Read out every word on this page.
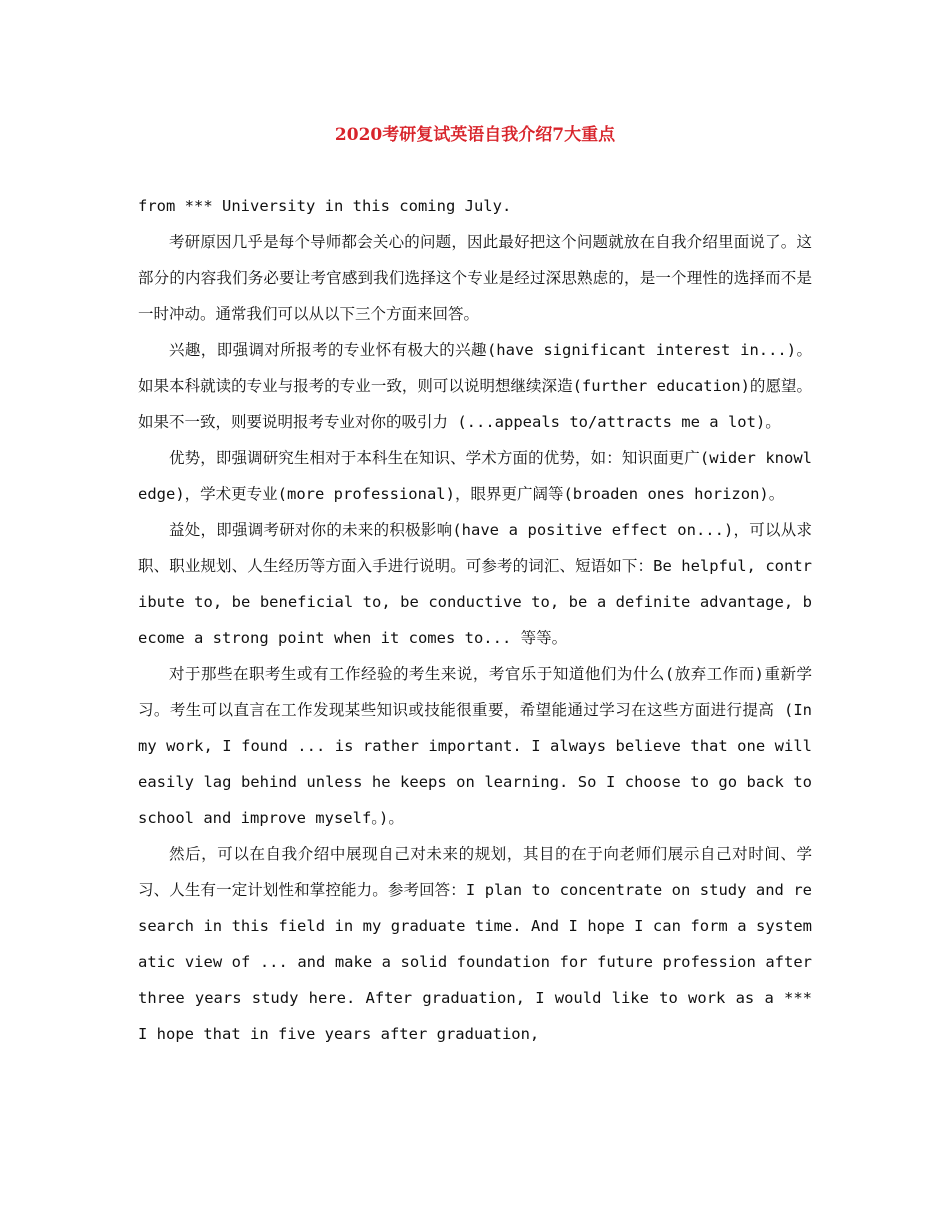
2020考研复试英语自我介绍7大重点

from *** University in this coming July.

考研原因几乎是每个导师都会关心的问题，因此最好把这个问题就放在自我介绍里面说了。这部分的内容我们务必要让考官感到我们选择这个专业是经过深思熟虑的，是一个理性的选择而不是一时冲动。通常我们可以从以下三个方面来回答。

兴趣，即强调对所报考的专业怀有极大的兴趣(have significant interest in...)。如果本科就读的专业与报考的专业一致，则可以说明想继续深造(further education)的愿望。如果不一致，则要说明报考专业对你的吸引力 (...appeals to/attracts me a lot)。

优势，即强调研究生相对于本科生在知识、学术方面的优势，如：知识面更广(wider knowledge)，学术更专业(more professional)，眼界更广阔等(broaden ones horizon)。

益处，即强调考研对你的未来的积极影响(have a positive effect on...)，可以从求职、职业规划、人生经历等方面入手进行说明。可参考的词汇、短语如下：Be helpful, contribute to, be beneficial to, be conductive to, be a definite advantage, become a strong point when it comes to... 等等。

对于那些在职考生或有工作经验的考生来说，考官乐于知道他们为什么(放弃工作而)重新学习。考生可以直言在工作发现某些知识或技能很重要，希望能通过学习在这些方面进行提高 (In my work, I found ... is rather important. I always believe that one will easily lag behind unless he keeps on learning. So I choose to go back to school and improve myself。)。

然后，可以在自我介绍中展现自己对未来的规划，其目的在于向老师们展示自己对时间、学习、人生有一定计划性和掌控能力。参考回答：I plan to concentrate on study and research in this field in my graduate time. And I hope I can form a systematic view of ... and make a solid foundation for future profession after three years study here. After graduation, I would like to work as a *** I hope that in five years after graduation,
